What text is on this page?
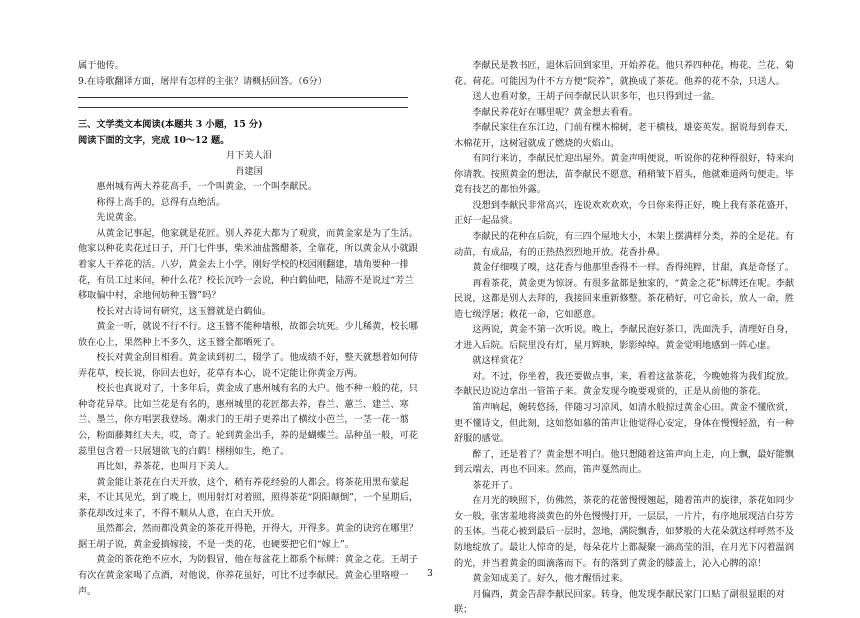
属于他传。

9.在诗歌翻译方面，屠岸有怎样的主张？请概括回答。（6分）

三、文学类文本阅读(本题共 3 小题，15 分)

阅读下面的文字，完成 10～12 题。

月下美人泪

肖建国

惠州城有两大养花高手，一个叫黄金，一个叫李献民。

称得上高手的，总得有点绝活。

先说黄金。

从黄金记事起，他家就是花匠。别人养花大都为了观赏，而黄金家是为了生活。他家以种花卖花过日子，开门七件事，柴米油盐酱醋茶，全靠花，所以黄金从小就跟着家人干养花的活。八岁，黄金去上小学，刚好学校的校园刚翻建，墙角要种一排花，有员工过来问，种什么花？校长沉吟一会说，种白鹤仙吧，陆游不是说过“芳兰移取偏中村，余地何妨种玉簪”吗？

校长对古诗词有研究，这玉簪就是白鹤仙。

黄金一听，就说不行不行。这玉簪不能种墙根，故都会坑死。少儿稀黄，校长哪放在心上，果然种上不多久，这玉簪全都晒死了。

校长对黄金刮目相看。黄金读到初二，辍学了。他成绩不好，整天就想着如何侍弄花草，校长说，你回去也好，花草有本心，说不定能让你黄金万两。

校长也真说对了，十多年后，黄金成了惠州城有名的大户。他不种一般的花，只种奇花异草。比如兰花是有名的，惠州城里的花匠都去养，春兰、蕙兰、建兰、寒兰、墨兰，你方唱罢我登场。潮求门的王胡子更养出了横纹小芭兰，一茎一花一翦公，粉面藤舞红夫夫，哎，奇了。轮到黄金出手，养的是蝴蝶兰。品种虽一般，可花蕊里包含着一只展翅欲飞的白鹤！栩栩如生，绝了。

再比如，养茶花，也叫月下美人。

黄金能让茶花在白天开放，这个，稍有养花经验的人都会。将茶花用黑布蒙起来，不让其见光，到了晚上，则用射灯对着照，照得茶花“阴阳颠倒”，一个星期后，茶花却改过来了，不得不顺从人意，在白天开放。

虽然都会，然而都没黄金的茶花开得艳，开得大，开得多。黄金的诀窍在哪里？据王胡子说，黄金爱搞嫁接，不是一类的花，也硬要把它们“嫁上”。

黄金的茶花绝不应水，为防假冒，他在每盆花上都系个标牌：黄金之花。王胡子有次在黄金家喝了点酒，对他说，你养花虽好，可比不过李献民。黄金心里咯噔一声。

李献民是教书匠，退休后回到家里，开始养花。他只养四种花，梅花、兰花、菊花、荷花。可能因为什不方方便“院养”，就换成了茶花。他养的花不杂，只送人。

送人也看对象，王胡子问李献民认识多年，也只得到过一盆。

李献民养花好在哪里呢？黄金想去看看。

李献民家住在东江边，门前有棵木棉树，老干横枝，雄姿英发。据说每到春天，木棉花开，这树冠就成了燃烧的火焰山。

有同行来访，李献民忙迎出屋外。黄金声明便说，听说你的花种得很好，特来向你请教。按照黄金的想法，苗李献民不愿意，稍稍皱下眉头，他就难道两句便走。毕竟有技艺的都怕外露。

没想到李献民非常高兴，连说欢欢欢欢，今日你来得正好，晚上我有茶花盛开，正好一起品赏。

李献民的花种在后院，有三四个屋地大小，木架上摆满样分类，养的全是花。有动苗，有成品，有的正热热烈烈地开放。花香扑鼻。

黄金仔细嗅了嗅，这花香与他那里香得不一样。香得纯粹，甘甜，真是奇怪了。

再看茶花，黄金更为惊讶。有很多盆都是独家的，“黄金之花”标牌还在呢。李献民说，这都是别人去拜的，我接回来重新修整。茶花稍好，可它命长，放人一命，胜造七级浮屠；救花一命，它如愿意。

这两说，黄金不第一次听说。晚上，李献民泡好茶口，洗面洗手，清理好自身，才进入后院。后院里没有灯，星月辉映，影影绰绰。黄金觉明地感到一阵心虚。

就这样赏花？

对。不过，你坐着，我还要做点事，来，看着这盆茶花，今晚她将为我们绽放。李献民边说边拿出一管笛子来。黄金发现今晚要观赏的，正是从前他的茶花。

笛声响起，婉转悠扬，伴随习习凉风，如清水般掠过黄金心田。黄金不懂欣赏，更不懂诗文，但此刻，这如悠如慕的笛声让他觉得心安定，身体在慢慢轻盈，有一种舒服的感觉。

醉了，还是着了？黄金想不明白。他只想随着这笛声向上走，向上飘，最好能飘到云端去，再也不回来。然而，笛声戛然而止。

茶花开了。

在月光的映照下，仿佛然，茶花的花蕾慢慢翘起，随着笛声的旋律，茶花如同少女一般，张害羞地将淡黄色的外色慢慢打开，一层层，一片片，有序地展现洁白芬芳的玉体。当花心被到最后一层时，忽地，满院飘香，如梦般的大花朵就这样呼然不及防地绽放了。最让人惊奇的是，每朵花片上都凝聚一滴高莹的泪，在月光下闪着温润的光，并当着黄金的面滴落而下。有的落到了黄金的膝盖上，沁入心脾的凉！

黄金知成美了。好久，他才醒悟过来。

月偏西，黄金告辞李献民回家。转身，他发现李献民家门口贴了副很显眼的对联；

3
